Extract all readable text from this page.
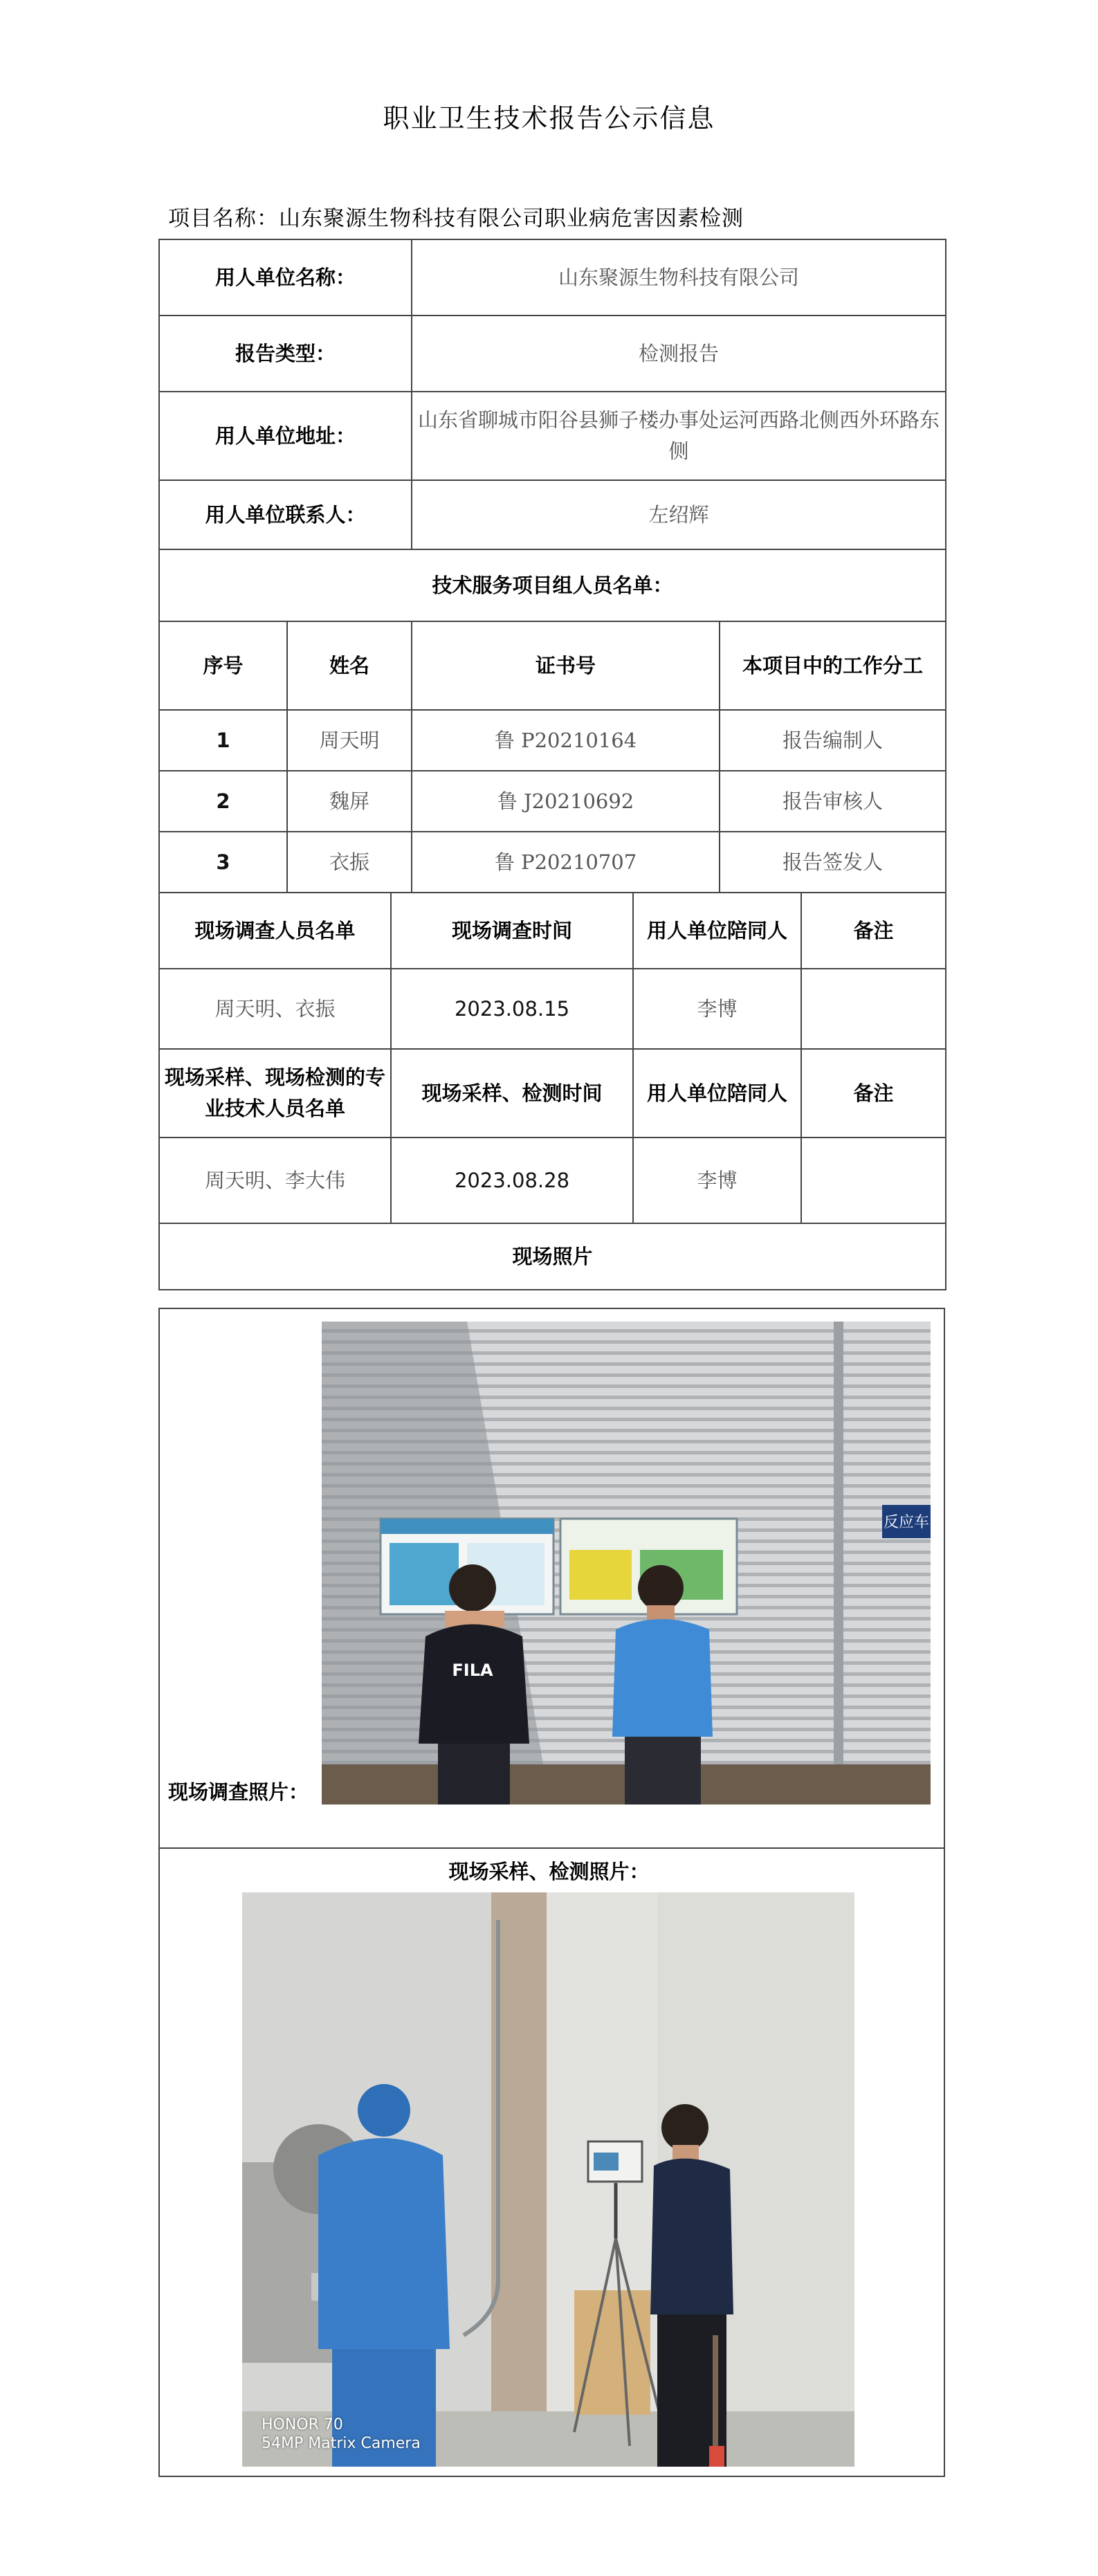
职业卫生技术报告公示信息
项目名称：山东聚源生物科技有限公司职业病危害因素检测
用人单位名称：			山东聚源生物科技有限公司			
报告类型：			检测报告			
用人单位地址：			山东省聊城市阳谷县狮子楼办事处运河西路北侧西外环路东侧			
用人单位联系人：			左绍辉			
技术服务项目组人员名单：						
序号	姓名		证书号		本项目中的工作分工	
1	周天明		鲁 P20210164		报告编制人	
2	魏屏		鲁 J20210692		报告审核人	
3	衣振		鲁 P20210707		报告签发人	
现场调查人员名单		现场调查时间		用人单位陪同人		备注
周天明、衣振		2023.08.15		李博		
现场采样、现场检测的专业技术人员名单		现场采样、检测时间		用人单位陪同人		备注
周天明、李大伟		2023.08.28		李博		
现场照片						
反应车
FILA
现场调查照片：
现场采样、检测照片：
HONOR 70
54MP Matrix Camera
